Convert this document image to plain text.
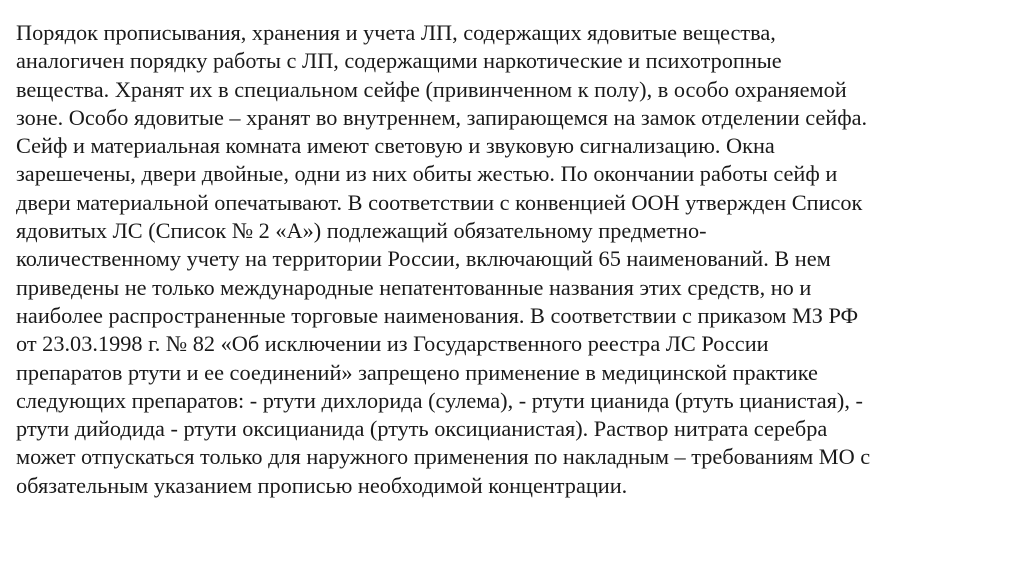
Порядок прописывания, хранения и учета ЛП, содержащих ядовитые вещества,
аналогичен порядку работы с ЛП, содержащими наркотические и психотропные
вещества. Хранят их в специальном сейфе (привинченном к полу), в особо охраняемой
зоне. Особо ядовитые – хранят во внутреннем, запирающемся на замок отделении сейфа.
Сейф и материальная комната имеют световую и звуковую сигнализацию. Окна
зарешечены, двери двойные, одни из них обиты жестью. По окончании работы сейф и
двери материальной опечатывают. В соответствии с конвенцией ООН утвержден Список
ядовитых ЛС (Список № 2 «А») подлежащий обязательному предметно-
количественному учету на территории России, включающий 65 наименований. В нем
приведены не только международные непатентованные названия этих средств, но и
наиболее распространенные торговые наименования. В соответствии с приказом МЗ РФ
от 23.03.1998 г. № 82 «Об исключении из Государственного реестра ЛС России
препаратов ртути и ее соединений» запрещено применение в медицинской практике
следующих препаратов: - ртути дихлорида (сулема), - ртути цианида (ртуть цианистая), -
ртути дийодида - ртути оксицианида (ртуть оксицианистая). Раствор нитрата серебра
может отпускаться только для наружного применения по накладным – требованиям МО с
обязательным указанием прописью необходимой концентрации.
